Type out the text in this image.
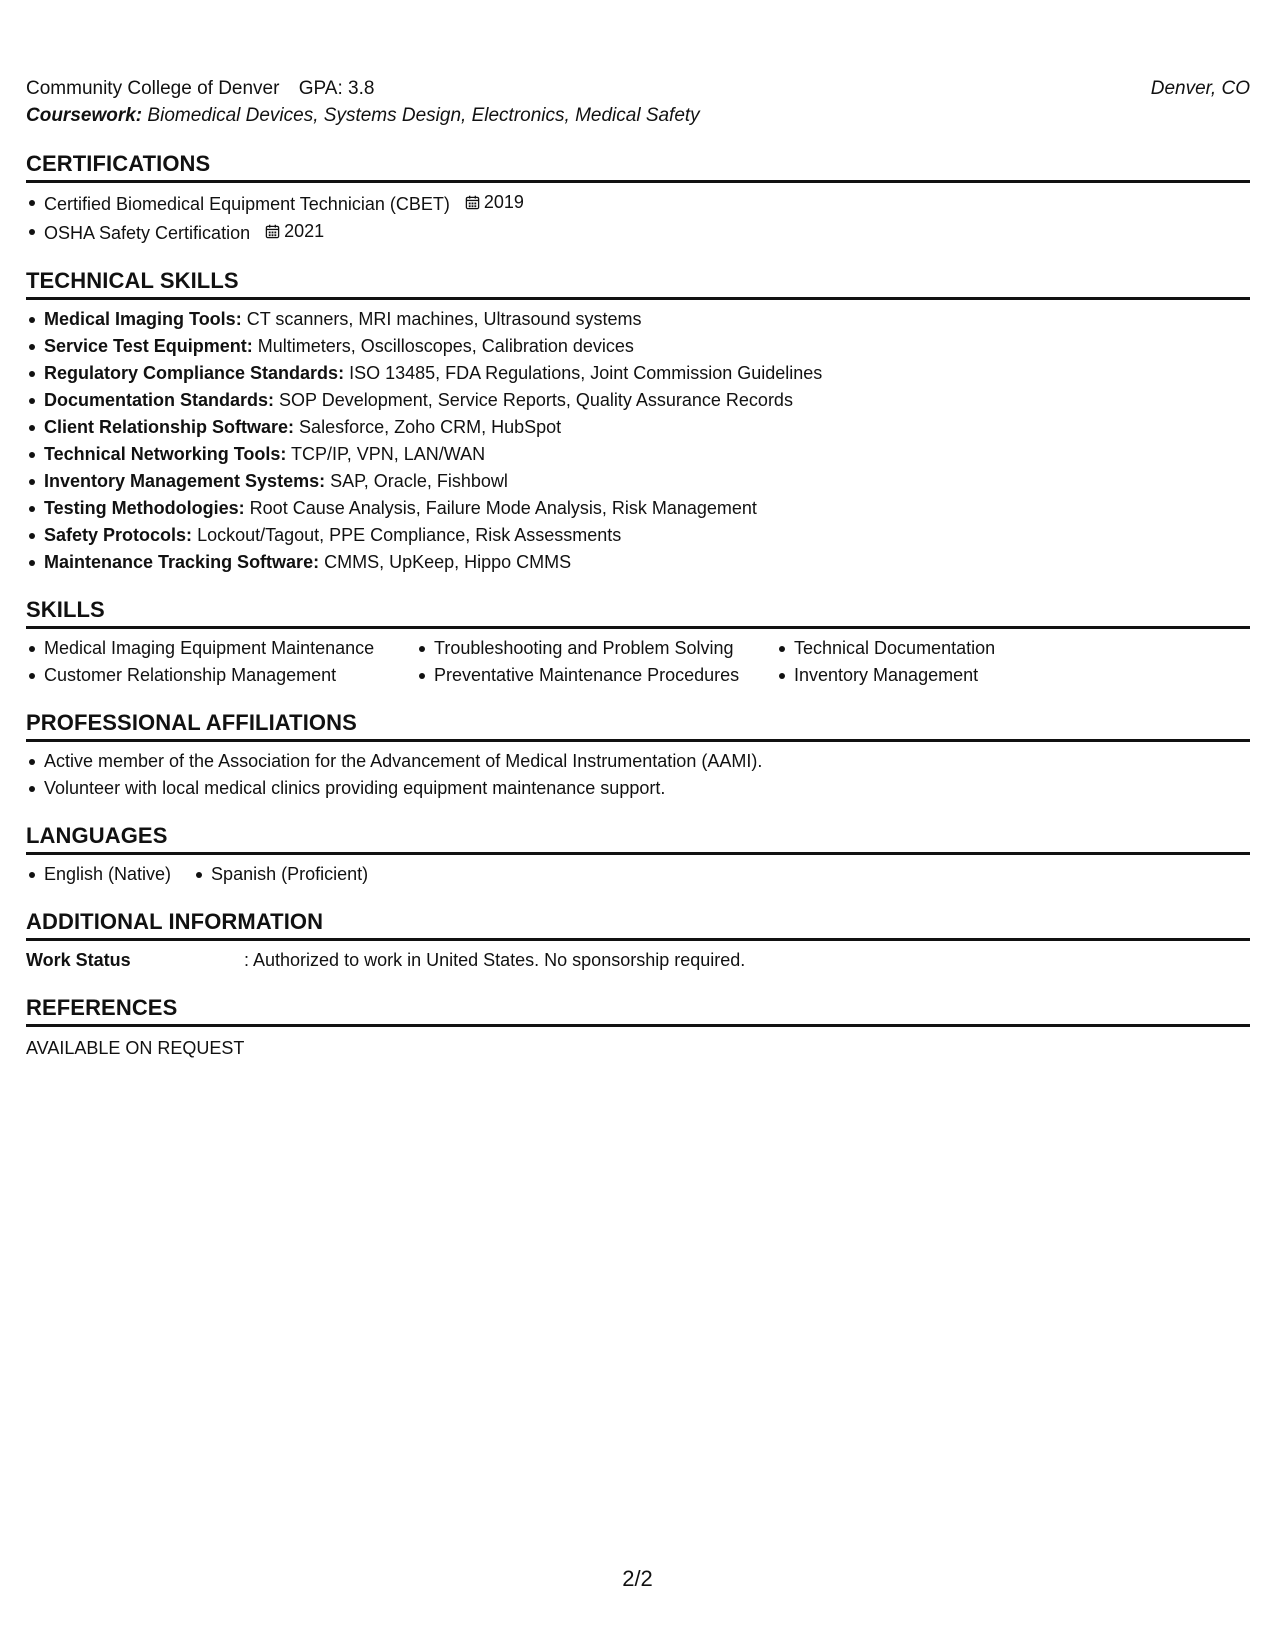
Community College of Denver GPA: 3.8	Denver, CO
Coursework: Biomedical Devices, Systems Design, Electronics, Medical Safety
CERTIFICATIONS
Certified Biomedical Equipment Technician (CBET) 2019
OSHA Safety Certification 2021
TECHNICAL SKILLS
Medical Imaging Tools: CT scanners, MRI machines, Ultrasound systems
Service Test Equipment: Multimeters, Oscilloscopes, Calibration devices
Regulatory Compliance Standards: ISO 13485, FDA Regulations, Joint Commission Guidelines
Documentation Standards: SOP Development, Service Reports, Quality Assurance Records
Client Relationship Software: Salesforce, Zoho CRM, HubSpot
Technical Networking Tools: TCP/IP, VPN, LAN/WAN
Inventory Management Systems: SAP, Oracle, Fishbowl
Testing Methodologies: Root Cause Analysis, Failure Mode Analysis, Risk Management
Safety Protocols: Lockout/Tagout, PPE Compliance, Risk Assessments
Maintenance Tracking Software: CMMS, UpKeep, Hippo CMMS
SKILLS
Medical Imaging Equipment Maintenance	Troubleshooting and Problem Solving	Technical Documentation
Customer Relationship Management	Preventative Maintenance Procedures	Inventory Management
PROFESSIONAL AFFILIATIONS
Active member of the Association for the Advancement of Medical Instrumentation (AAMI).
Volunteer with local medical clinics providing equipment maintenance support.
LANGUAGES
English (Native) Spanish (Proficient)
ADDITIONAL INFORMATION
Work Status	: Authorized to work in United States. No sponsorship required.
REFERENCES
AVAILABLE ON REQUEST
2/2
